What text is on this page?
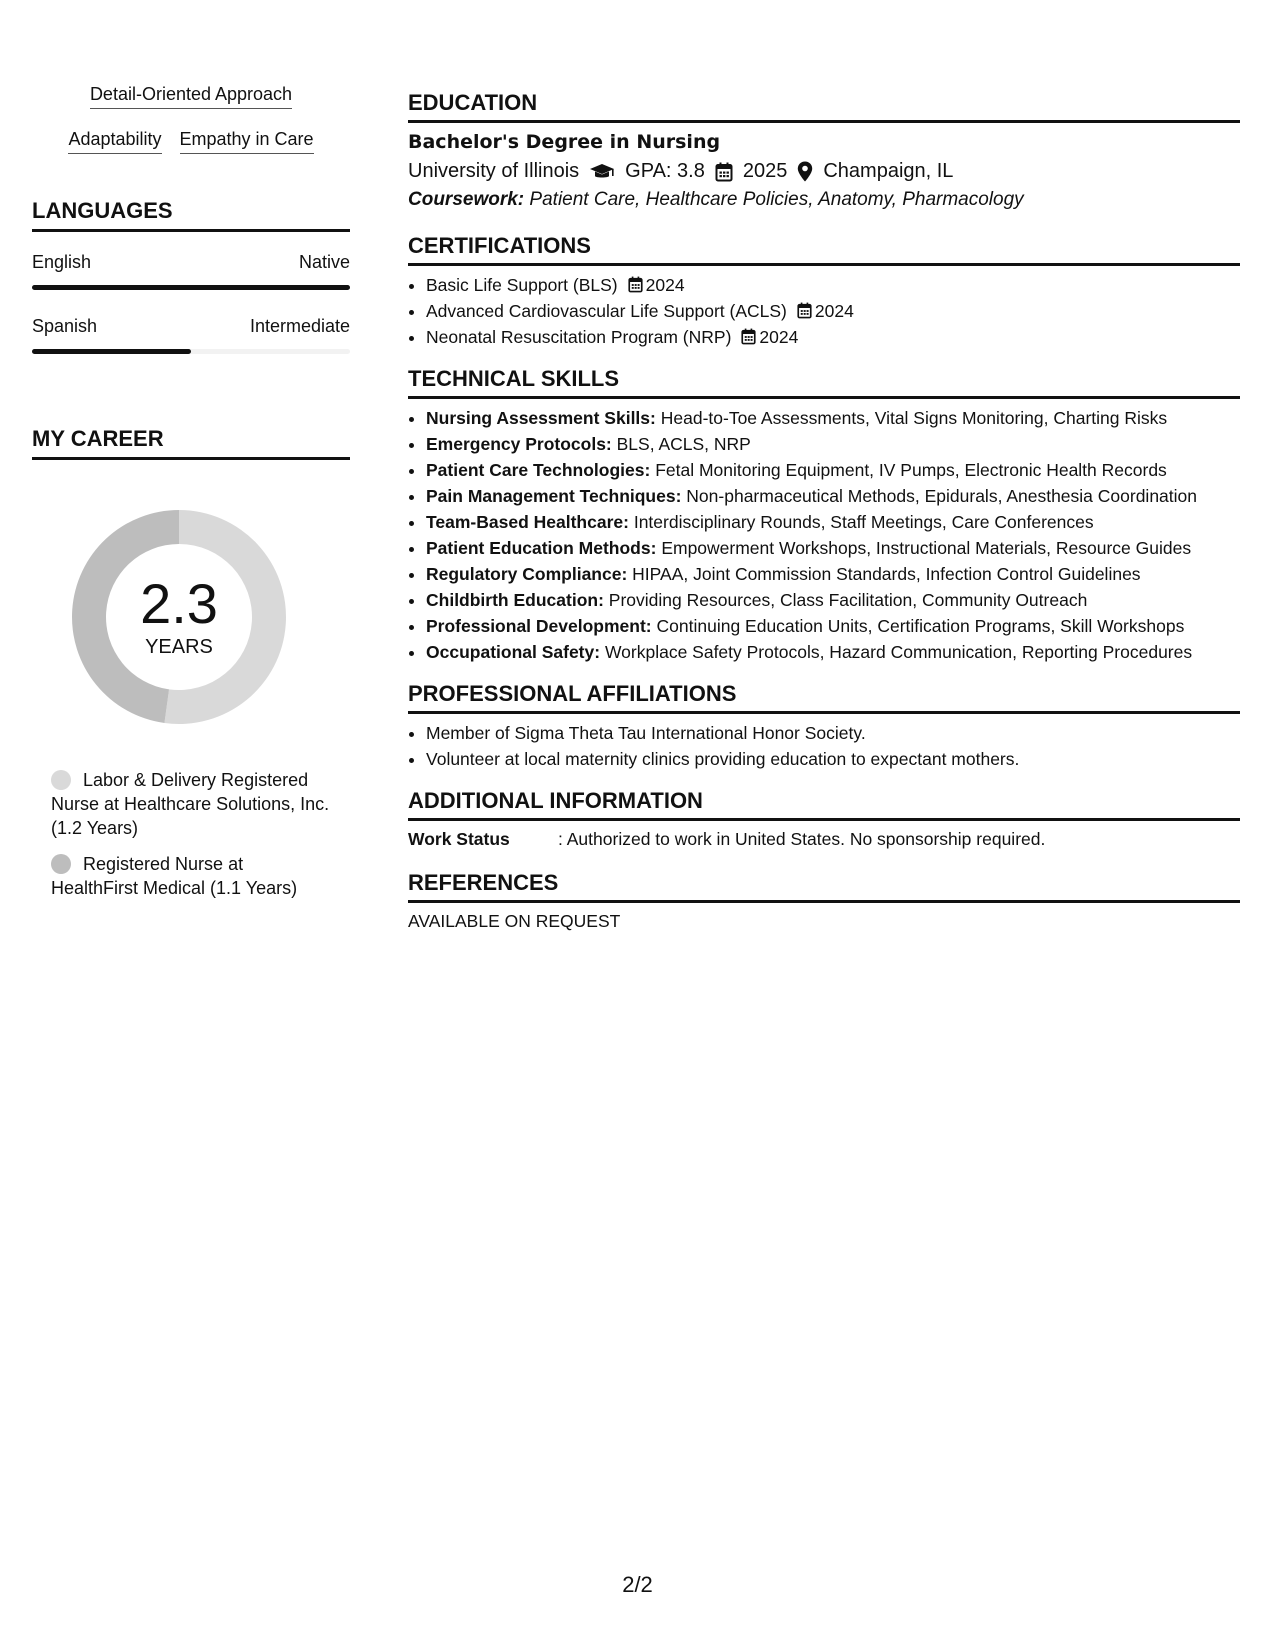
Detail-Oriented Approach
Adaptability Empathy in Care
LANGUAGES
English	Native
Spanish	Intermediate
MY CAREER
2.3
YEARS
Labor & Delivery Registered Nurse at Healthcare Solutions, Inc. (1.2 Years)
Registered Nurse at HealthFirst Medical (1.1 Years)
EDUCATION
Bachelor's Degree in Nursing
University of Illinois GPA: 3.8 2025 Champaign, IL
Coursework: Patient Care, Healthcare Policies, Anatomy, Pharmacology
CERTIFICATIONS
• Basic Life Support (BLS) 2024
• Advanced Cardiovascular Life Support (ACLS) 2024
• Neonatal Resuscitation Program (NRP) 2024
TECHNICAL SKILLS
• Nursing Assessment Skills: Head-to-Toe Assessments, Vital Signs Monitoring, Charting Risks
• Emergency Protocols: BLS, ACLS, NRP
• Patient Care Technologies: Fetal Monitoring Equipment, IV Pumps, Electronic Health Records
• Pain Management Techniques: Non-pharmaceutical Methods, Epidurals, Anesthesia Coordination
• Team-Based Healthcare: Interdisciplinary Rounds, Staff Meetings, Care Conferences
• Patient Education Methods: Empowerment Workshops, Instructional Materials, Resource Guides
• Regulatory Compliance: HIPAA, Joint Commission Standards, Infection Control Guidelines
• Childbirth Education: Providing Resources, Class Facilitation, Community Outreach
• Professional Development: Continuing Education Units, Certification Programs, Skill Workshops
• Occupational Safety: Workplace Safety Protocols, Hazard Communication, Reporting Procedures
PROFESSIONAL AFFILIATIONS
• Member of Sigma Theta Tau International Honor Society.
• Volunteer at local maternity clinics providing education to expectant mothers.
ADDITIONAL INFORMATION
Work Status	: Authorized to work in United States. No sponsorship required.
REFERENCES
AVAILABLE ON REQUEST
2/2
